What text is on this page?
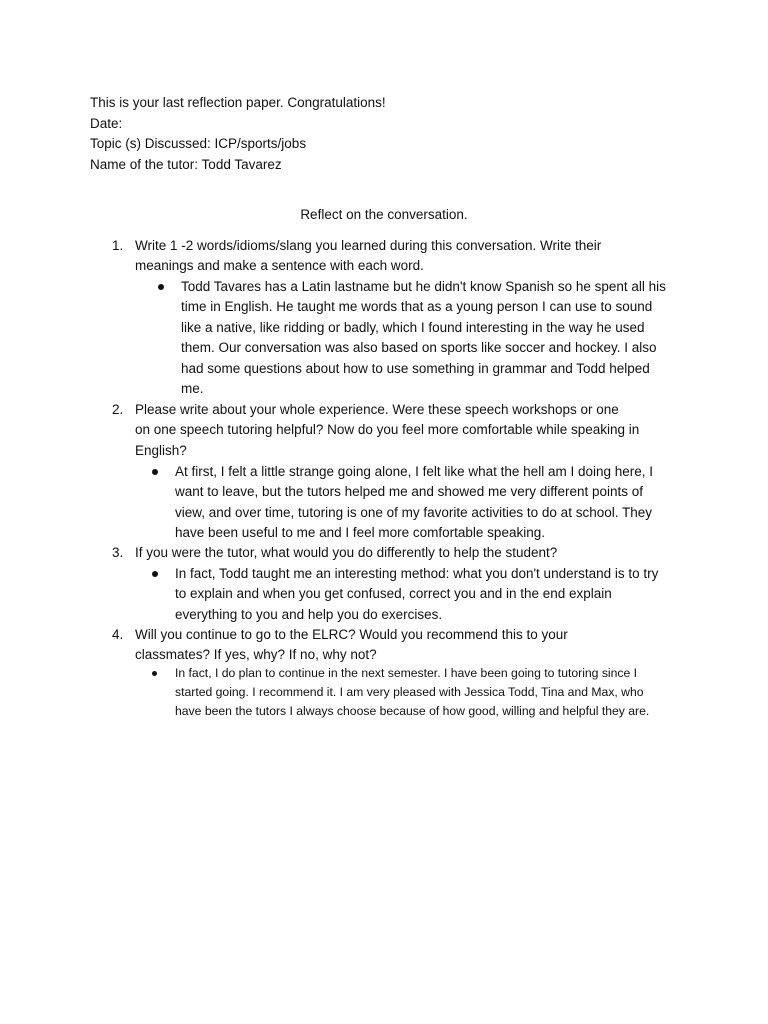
This is your last reflection paper. Congratulations!
Date:
Topic (s) Discussed: ICP/sports/jobs
Name of the tutor: Todd Tavarez
Reflect on the conversation.
1. Write 1 -2 words/idioms/slang you learned during this conversation. Write their
meanings and make a sentence with each word.
Todd Tavares has a Latin lastname but he didn't know Spanish so he spent all his
time in English. He taught me words that as a young person I can use to sound
like a native, like ridding or badly, which I found interesting in the way he used
them. Our conversation was also based on sports like soccer and hockey. I also
had some questions about how to use something in grammar and Todd helped
me.
2. Please write about your whole experience. Were these speech workshops or one
on one speech tutoring helpful? Now do you feel more comfortable while speaking in
English?
At first, I felt a little strange going alone, I felt like what the hell am I doing here, I
want to leave, but the tutors helped me and showed me very different points of
view, and over time, tutoring is one of my favorite activities to do at school. They
have been useful to me and I feel more comfortable speaking.
3. If you were the tutor, what would you do differently to help the student?
In fact, Todd taught me an interesting method: what you don't understand is to try
to explain and when you get confused, correct you and in the end explain
everything to you and help you do exercises.
4. Will you continue to go to the ELRC? Would you recommend this to your
classmates? If yes, why? If no, why not?
In fact, I do plan to continue in the next semester. I have been going to tutoring since I
started going. I recommend it. I am very pleased with Jessica Todd, Tina and Max, who
have been the tutors I always choose because of how good, willing and helpful they are.
